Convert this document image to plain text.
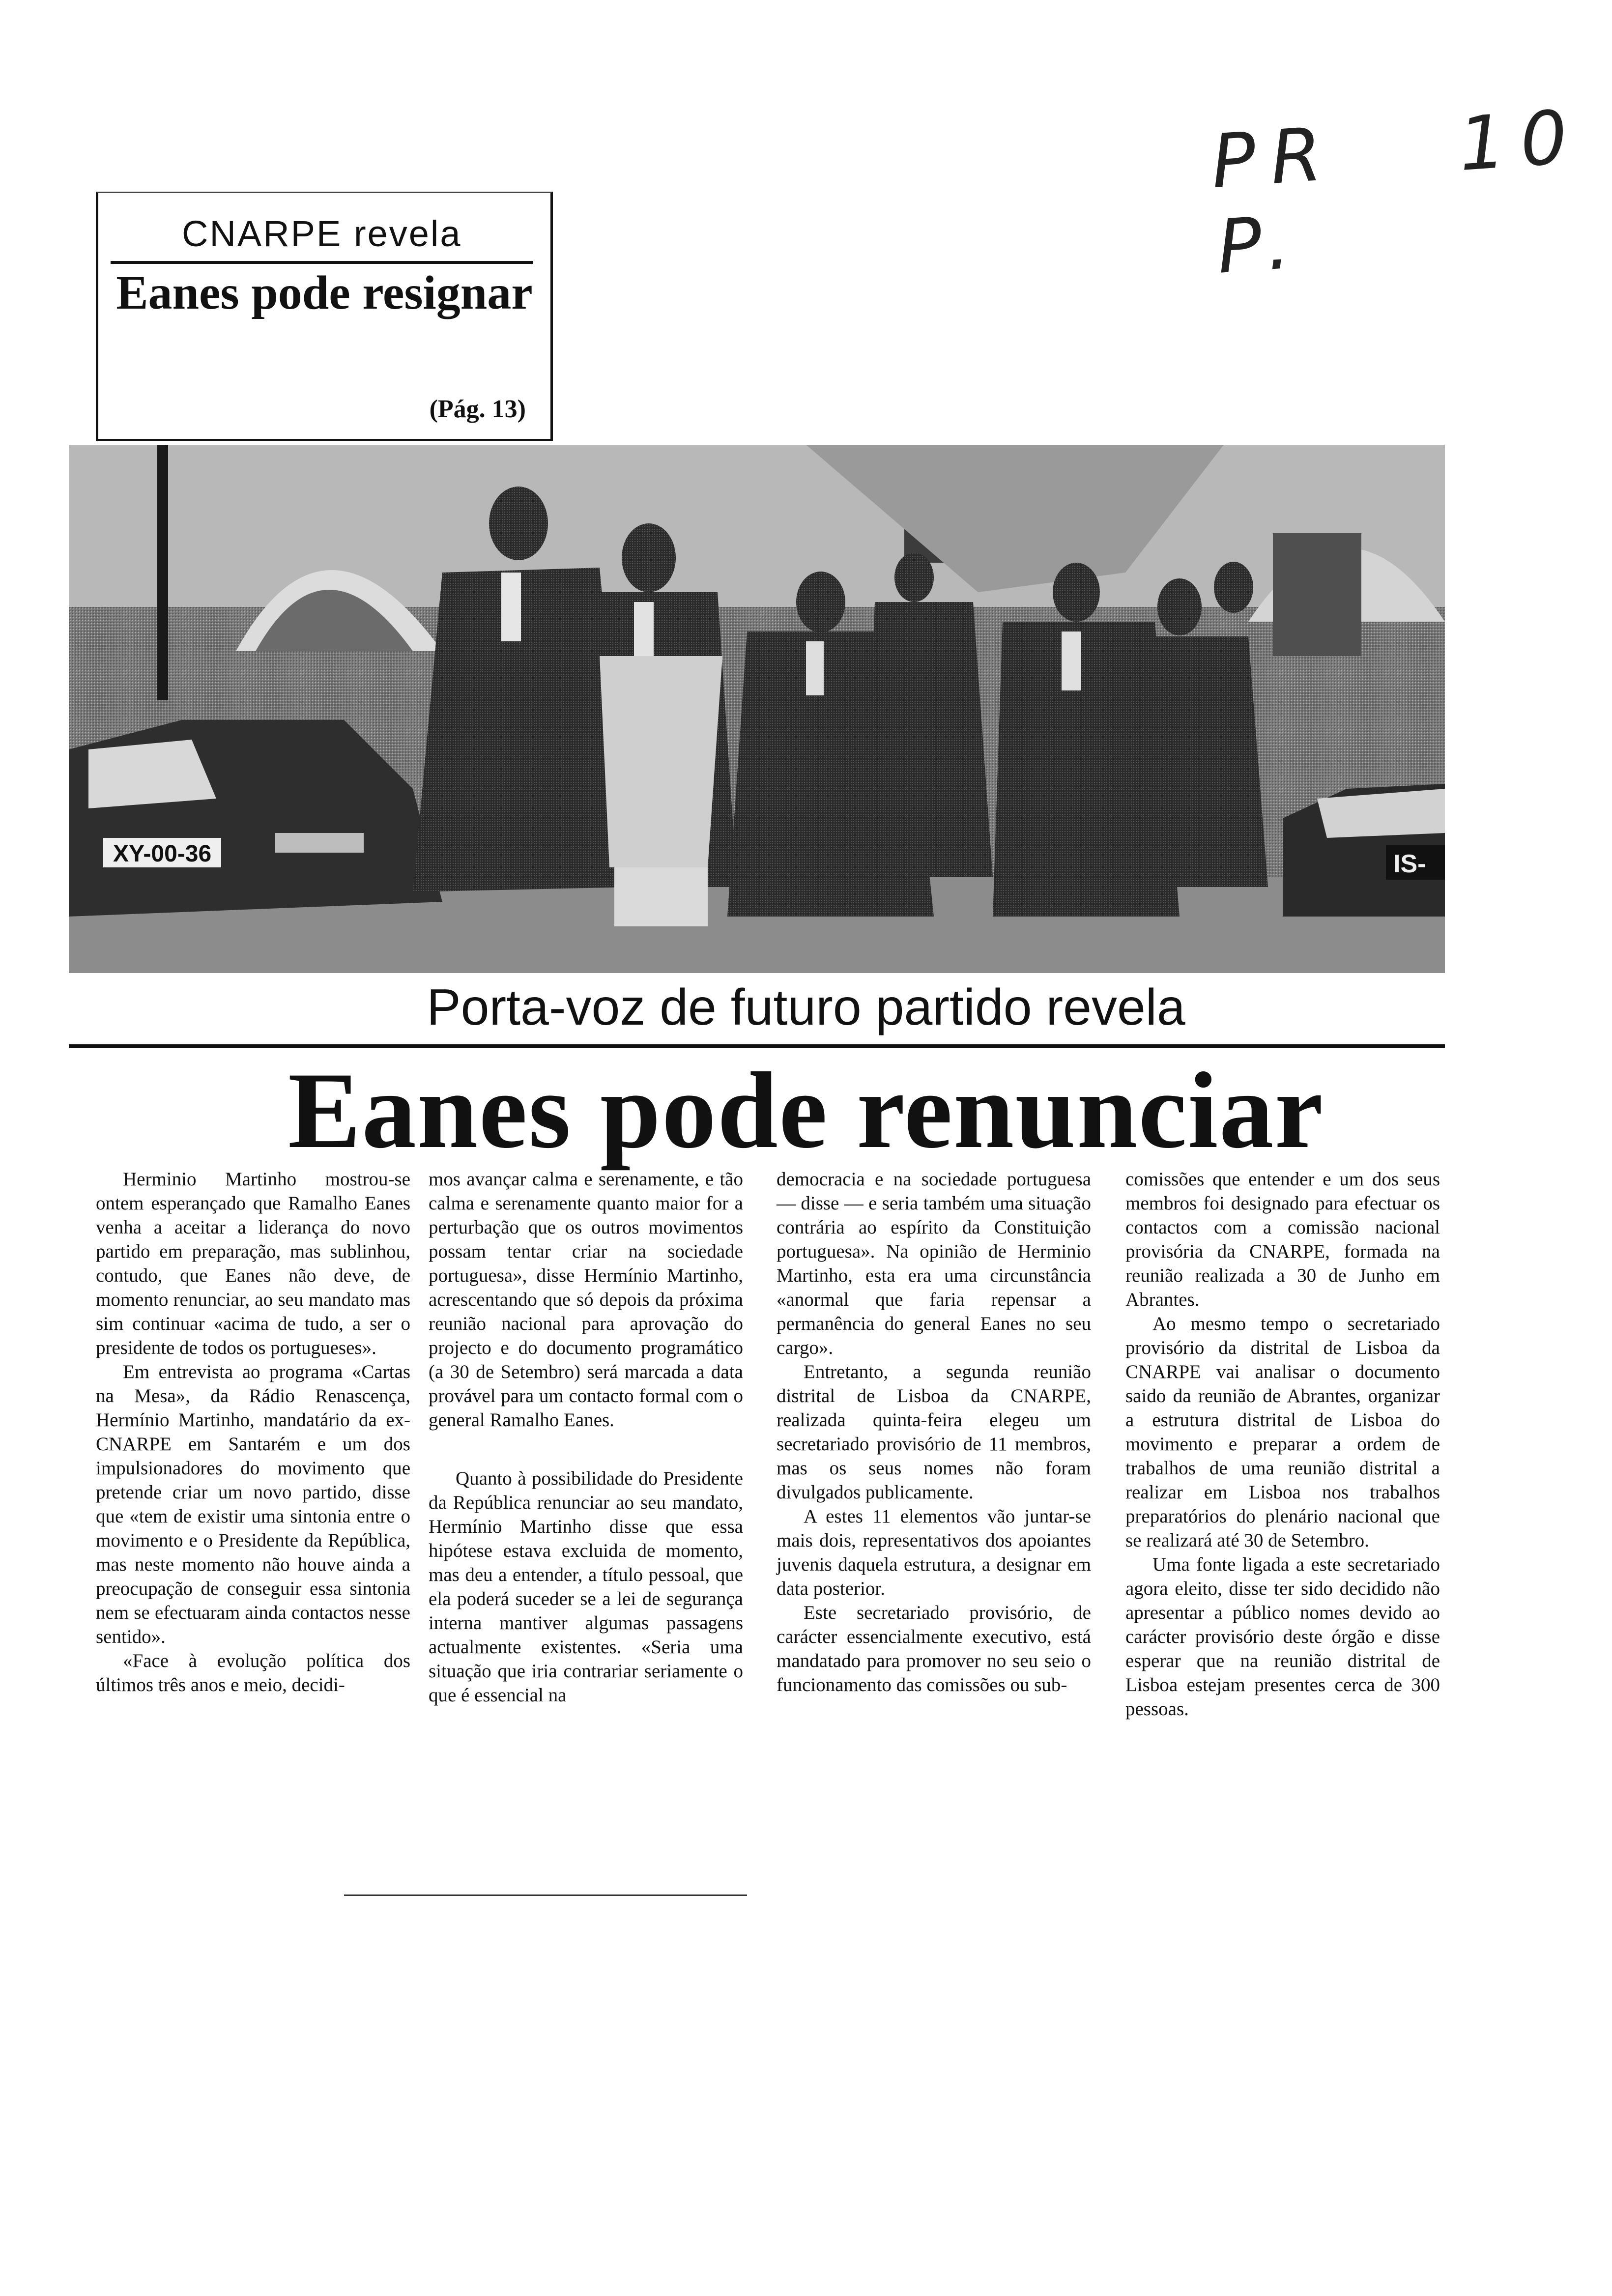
PR 10 P.
CNARPE revela
Eanes pode resignar
(Pág. 13)
XY-00-36	IS-
Porta-voz de futuro partido revela
Eanes pode renunciar

Herminio Martinho mostrou-se ontem esperançado que Ramalho Eanes venha a aceitar a liderança do novo partido em preparação, mas sublinhou, contudo, que Eanes não deve, de momento renunciar, ao seu mandato mas sim continuar «acima de tudo, a ser o presidente de todos os portugueses».

Em entrevista ao programa «Cartas na Mesa», da Rádio Renascença, Hermínio Martinho, mandatário da ex-CNARPE em Santarém e um dos impulsionadores do movimento que pretende criar um novo partido, disse que «tem de existir uma sintonia entre o movimento e o Presidente da República, mas neste momento não houve ainda a preocupação de conseguir essa sintonia nem se efectuaram ainda contactos nesse sentido».

«Face à evolução política dos últimos três anos e meio, decidi-

mos avançar calma e serenamente, e tão calma e serenamente quanto maior for a perturbação que os outros movimentos possam tentar criar na sociedade portuguesa», disse Hermínio Martinho, acrescentando que só depois da próxima reunião nacional para aprovação do projecto e do documento programático (a 30 de Setembro) será marcada a data provável para um contacto formal com o general Ramalho Eanes.

Quanto à possibilidade do Presidente da República renunciar ao seu mandato, Hermínio Martinho disse que essa hipótese estava excluida de momento, mas deu a entender, a título pessoal, que ela poderá suceder se a lei de segurança interna mantiver algumas passagens actualmente existentes. «Seria uma situação que iria contrariar seriamente o que é essencial na

democracia e na sociedade portuguesa — disse — e seria também uma situação contrária ao espírito da Constituição portuguesa». Na opinião de Herminio Martinho, esta era uma circunstância «anormal que faria repensar a permanência do general Eanes no seu cargo».

Entretanto, a segunda reunião distrital de Lisboa da CNARPE, realizada quinta-feira elegeu um secretariado provisório de 11 membros, mas os seus nomes não foram divulgados publicamente.

A estes 11 elementos vão juntar-se mais dois, representativos dos apoiantes juvenis daquela estrutura, a designar em data posterior.

Este secretariado provisório, de carácter essencialmente executivo, está mandatado para promover no seu seio o funcionamento das comissões ou sub-

comissões que entender e um dos seus membros foi designado para efectuar os contactos com a comissão nacional provisória da CNARPE, formada na reunião realizada a 30 de Junho em Abrantes.

Ao mesmo tempo o secretariado provisório da distrital de Lisboa da CNARPE vai analisar o documento saido da reunião de Abrantes, organizar a estrutura distrital de Lisboa do movimento e preparar a ordem de trabalhos de uma reunião distrital a realizar em Lisboa nos trabalhos preparatórios do plenário nacional que se realizará até 30 de Setembro.

Uma fonte ligada a este secretariado agora eleito, disse ter sido decidido não apresentar a público nomes devido ao carácter provisório deste órgão e disse esperar que na reunião distrital de Lisboa estejam presentes cerca de 300 pessoas.
